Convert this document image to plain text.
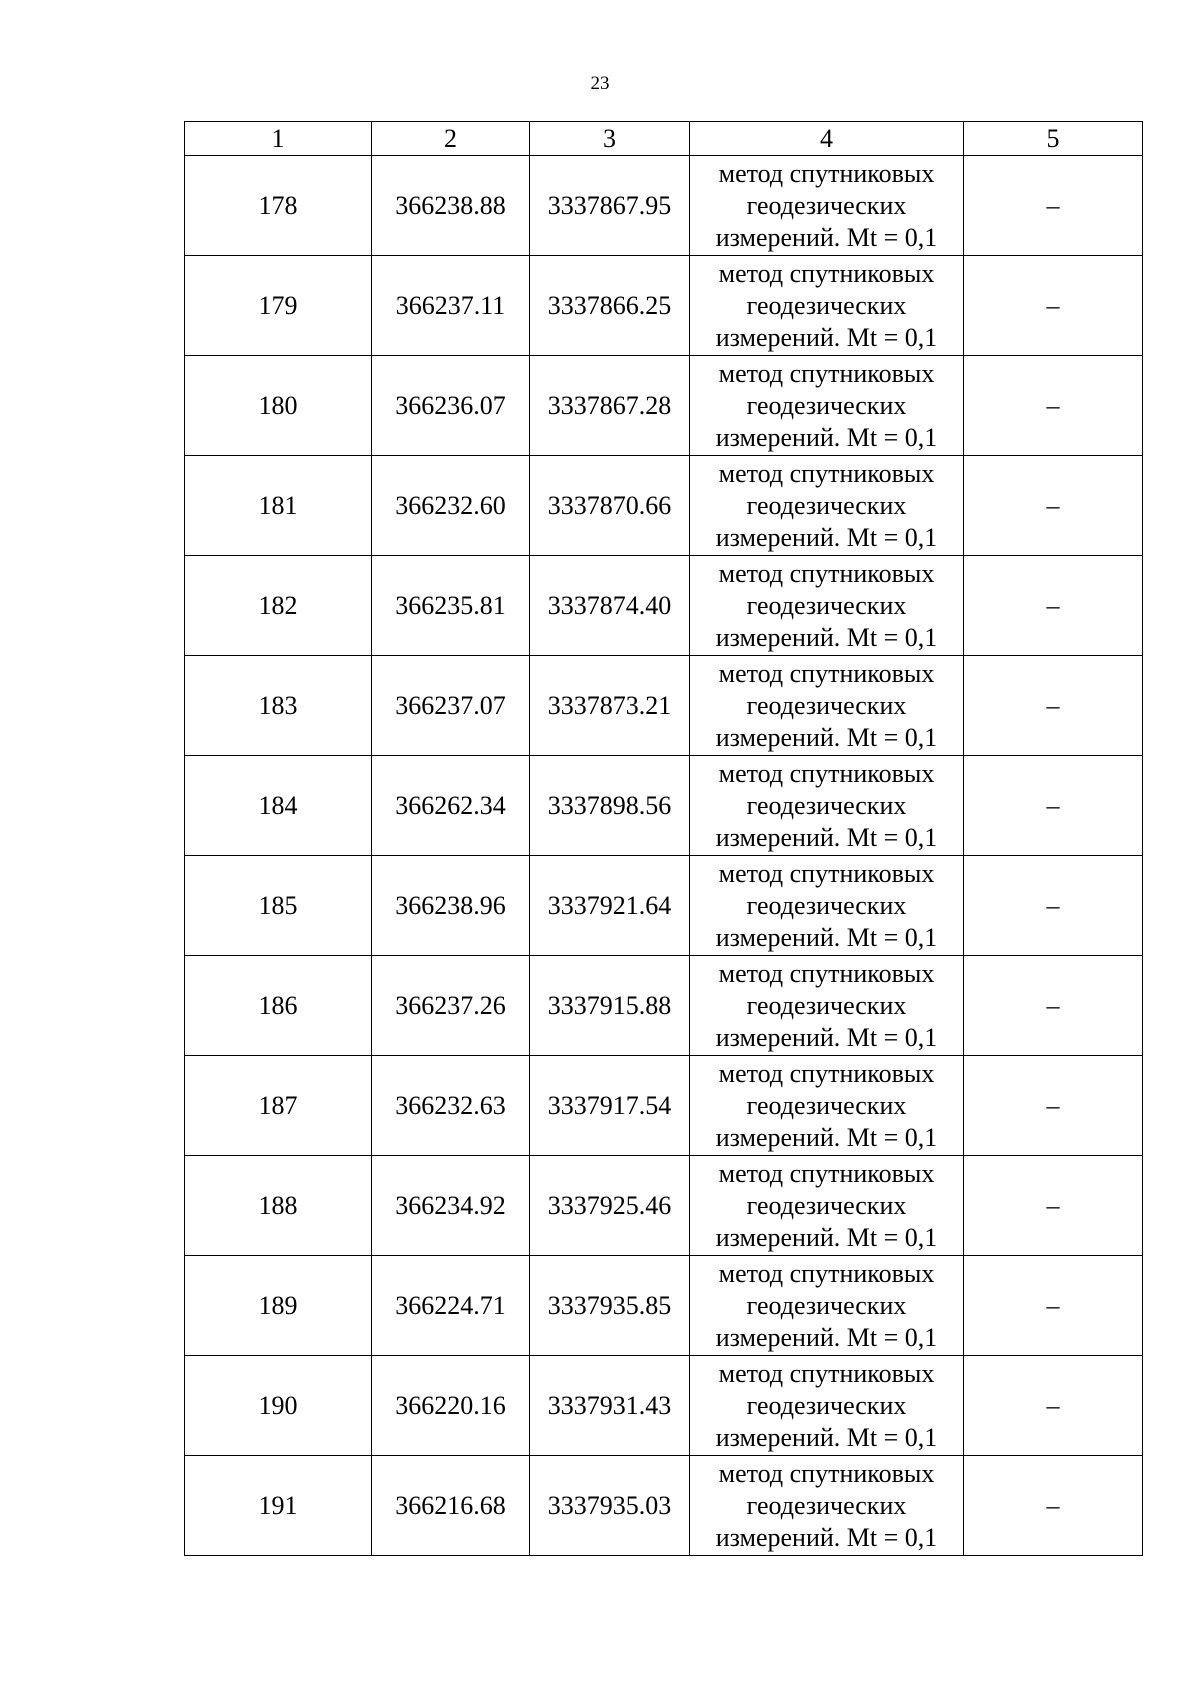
23
1	2	3	4	5
178	366238.88	3337867.95	метод спутниковых
геодезических
измерений. Mt = 0,1	–
179	366237.11	3337866.25	метод спутниковых
геодезических
измерений. Mt = 0,1	–
180	366236.07	3337867.28	метод спутниковых
геодезических
измерений. Mt = 0,1	–
181	366232.60	3337870.66	метод спутниковых
геодезических
измерений. Mt = 0,1	–
182	366235.81	3337874.40	метод спутниковых
геодезических
измерений. Mt = 0,1	–
183	366237.07	3337873.21	метод спутниковых
геодезических
измерений. Mt = 0,1	–
184	366262.34	3337898.56	метод спутниковых
геодезических
измерений. Mt = 0,1	–
185	366238.96	3337921.64	метод спутниковых
геодезических
измерений. Mt = 0,1	–
186	366237.26	3337915.88	метод спутниковых
геодезических
измерений. Mt = 0,1	–
187	366232.63	3337917.54	метод спутниковых
геодезических
измерений. Mt = 0,1	–
188	366234.92	3337925.46	метод спутниковых
геодезических
измерений. Mt = 0,1	–
189	366224.71	3337935.85	метод спутниковых
геодезических
измерений. Mt = 0,1	–
190	366220.16	3337931.43	метод спутниковых
геодезических
измерений. Mt = 0,1	–
191	366216.68	3337935.03	метод спутниковых
геодезических
измерений. Mt = 0,1	–
